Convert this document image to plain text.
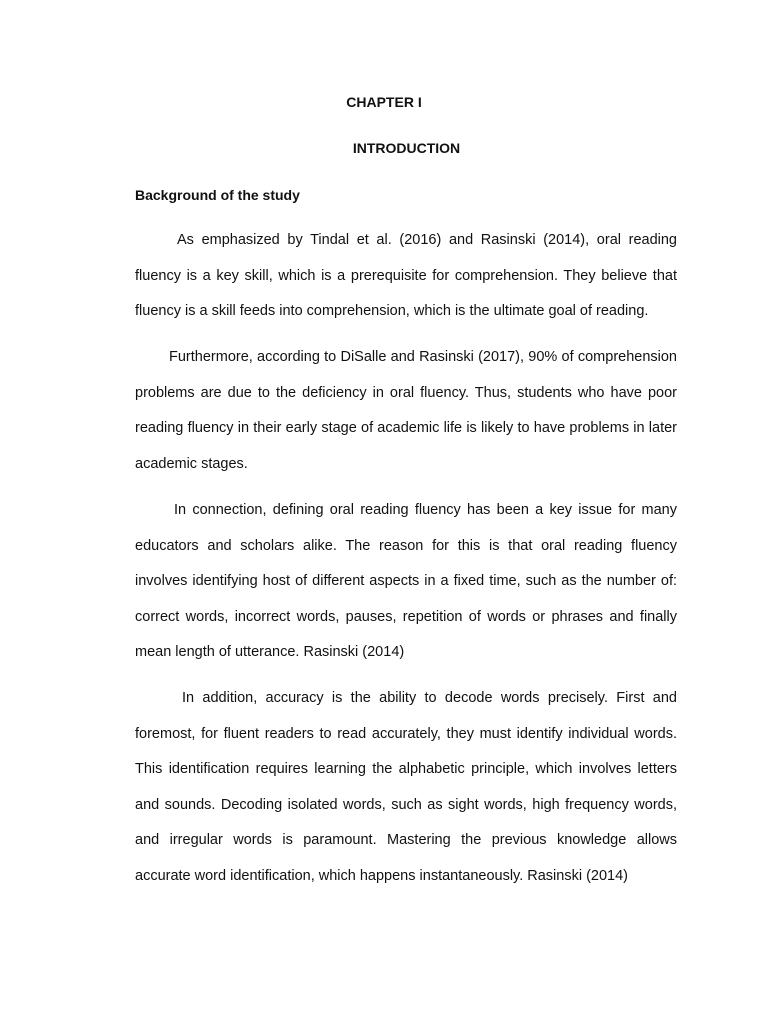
CHAPTER I
INTRODUCTION
Background of the study

As emphasized by Tindal et al. (2016) and Rasinski (2014), oral reading fluency is a key skill, which is a prerequisite for comprehension. They believe that fluency is a skill feeds into comprehension, which is the ultimate goal of reading.

Furthermore, according to DiSalle and Rasinski (2017), 90% of comprehension problems are due to the deficiency in oral fluency. Thus, students who have poor reading fluency in their early stage of academic life is likely to have problems in later academic stages.

In connection, defining oral reading fluency has been a key issue for many educators and scholars alike. The reason for this is that oral reading fluency involves identifying host of different aspects in a fixed time, such as the number of: correct words, incorrect words, pauses, repetition of words or phrases and finally mean length of utterance. Rasinski (2014)

In addition, accuracy is the ability to decode words precisely. First and foremost, for fluent readers to read accurately, they must identify individual words. This identification requires learning the alphabetic principle, which involves letters and sounds. Decoding isolated words, such as sight words, high frequency words, and irregular words is paramount. Mastering the previous knowledge allows accurate word identification, which happens instantaneously. Rasinski (2014)
